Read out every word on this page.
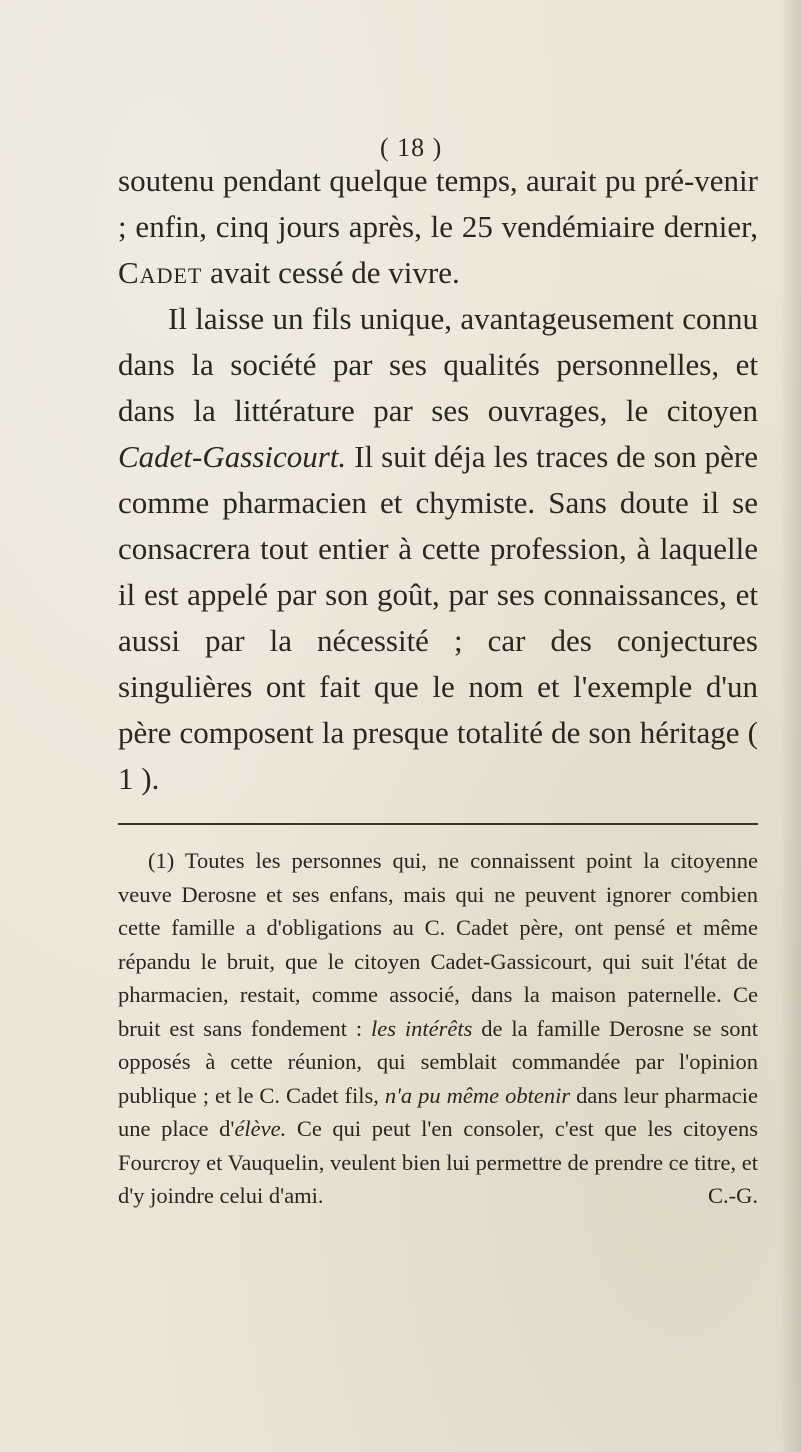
( 18 )

soutenu pendant quelque temps, aurait pu pré-venir ; enfin, cinq jours après, le 25 vendémiaire dernier, Cadet avait cessé de vivre.

Il laisse un fils unique, avantageusement connu dans la société par ses qualités personnelles, et dans la littérature par ses ouvrages, le citoyen Cadet-Gassicourt. Il suit déja les traces de son père comme pharmacien et chymiste. Sans doute il se consacrera tout entier à cette profession, à laquelle il est appelé par son goût, par ses connaissances, et aussi par la nécessité ; car des conjectures singulières ont fait que le nom et l'exemple d'un père composent la presque totalité de son héritage ( 1 ).

(1) Toutes les personnes qui, ne connaissent point la citoyenne veuve Derosne et ses enfans, mais qui ne peuvent ignorer combien cette famille a d'obligations au C. Cadet père, ont pensé et même répandu le bruit, que le citoyen Cadet-Gassicourt, qui suit l'état de pharmacien, restait, comme associé, dans la maison paternelle. Ce bruit est sans fondement : les intérêts de la famille Derosne se sont opposés à cette réunion, qui semblait commandée par l'opinion publique ; et le C. Cadet fils, n'a pu même obtenir dans leur pharmacie une place d'élève. Ce qui peut l'en consoler, c'est que les citoyens Fourcroy et Vauquelin, veulent bien lui permettre de prendre ce titre, et d'y joindre celui d'ami.	C.-G.
